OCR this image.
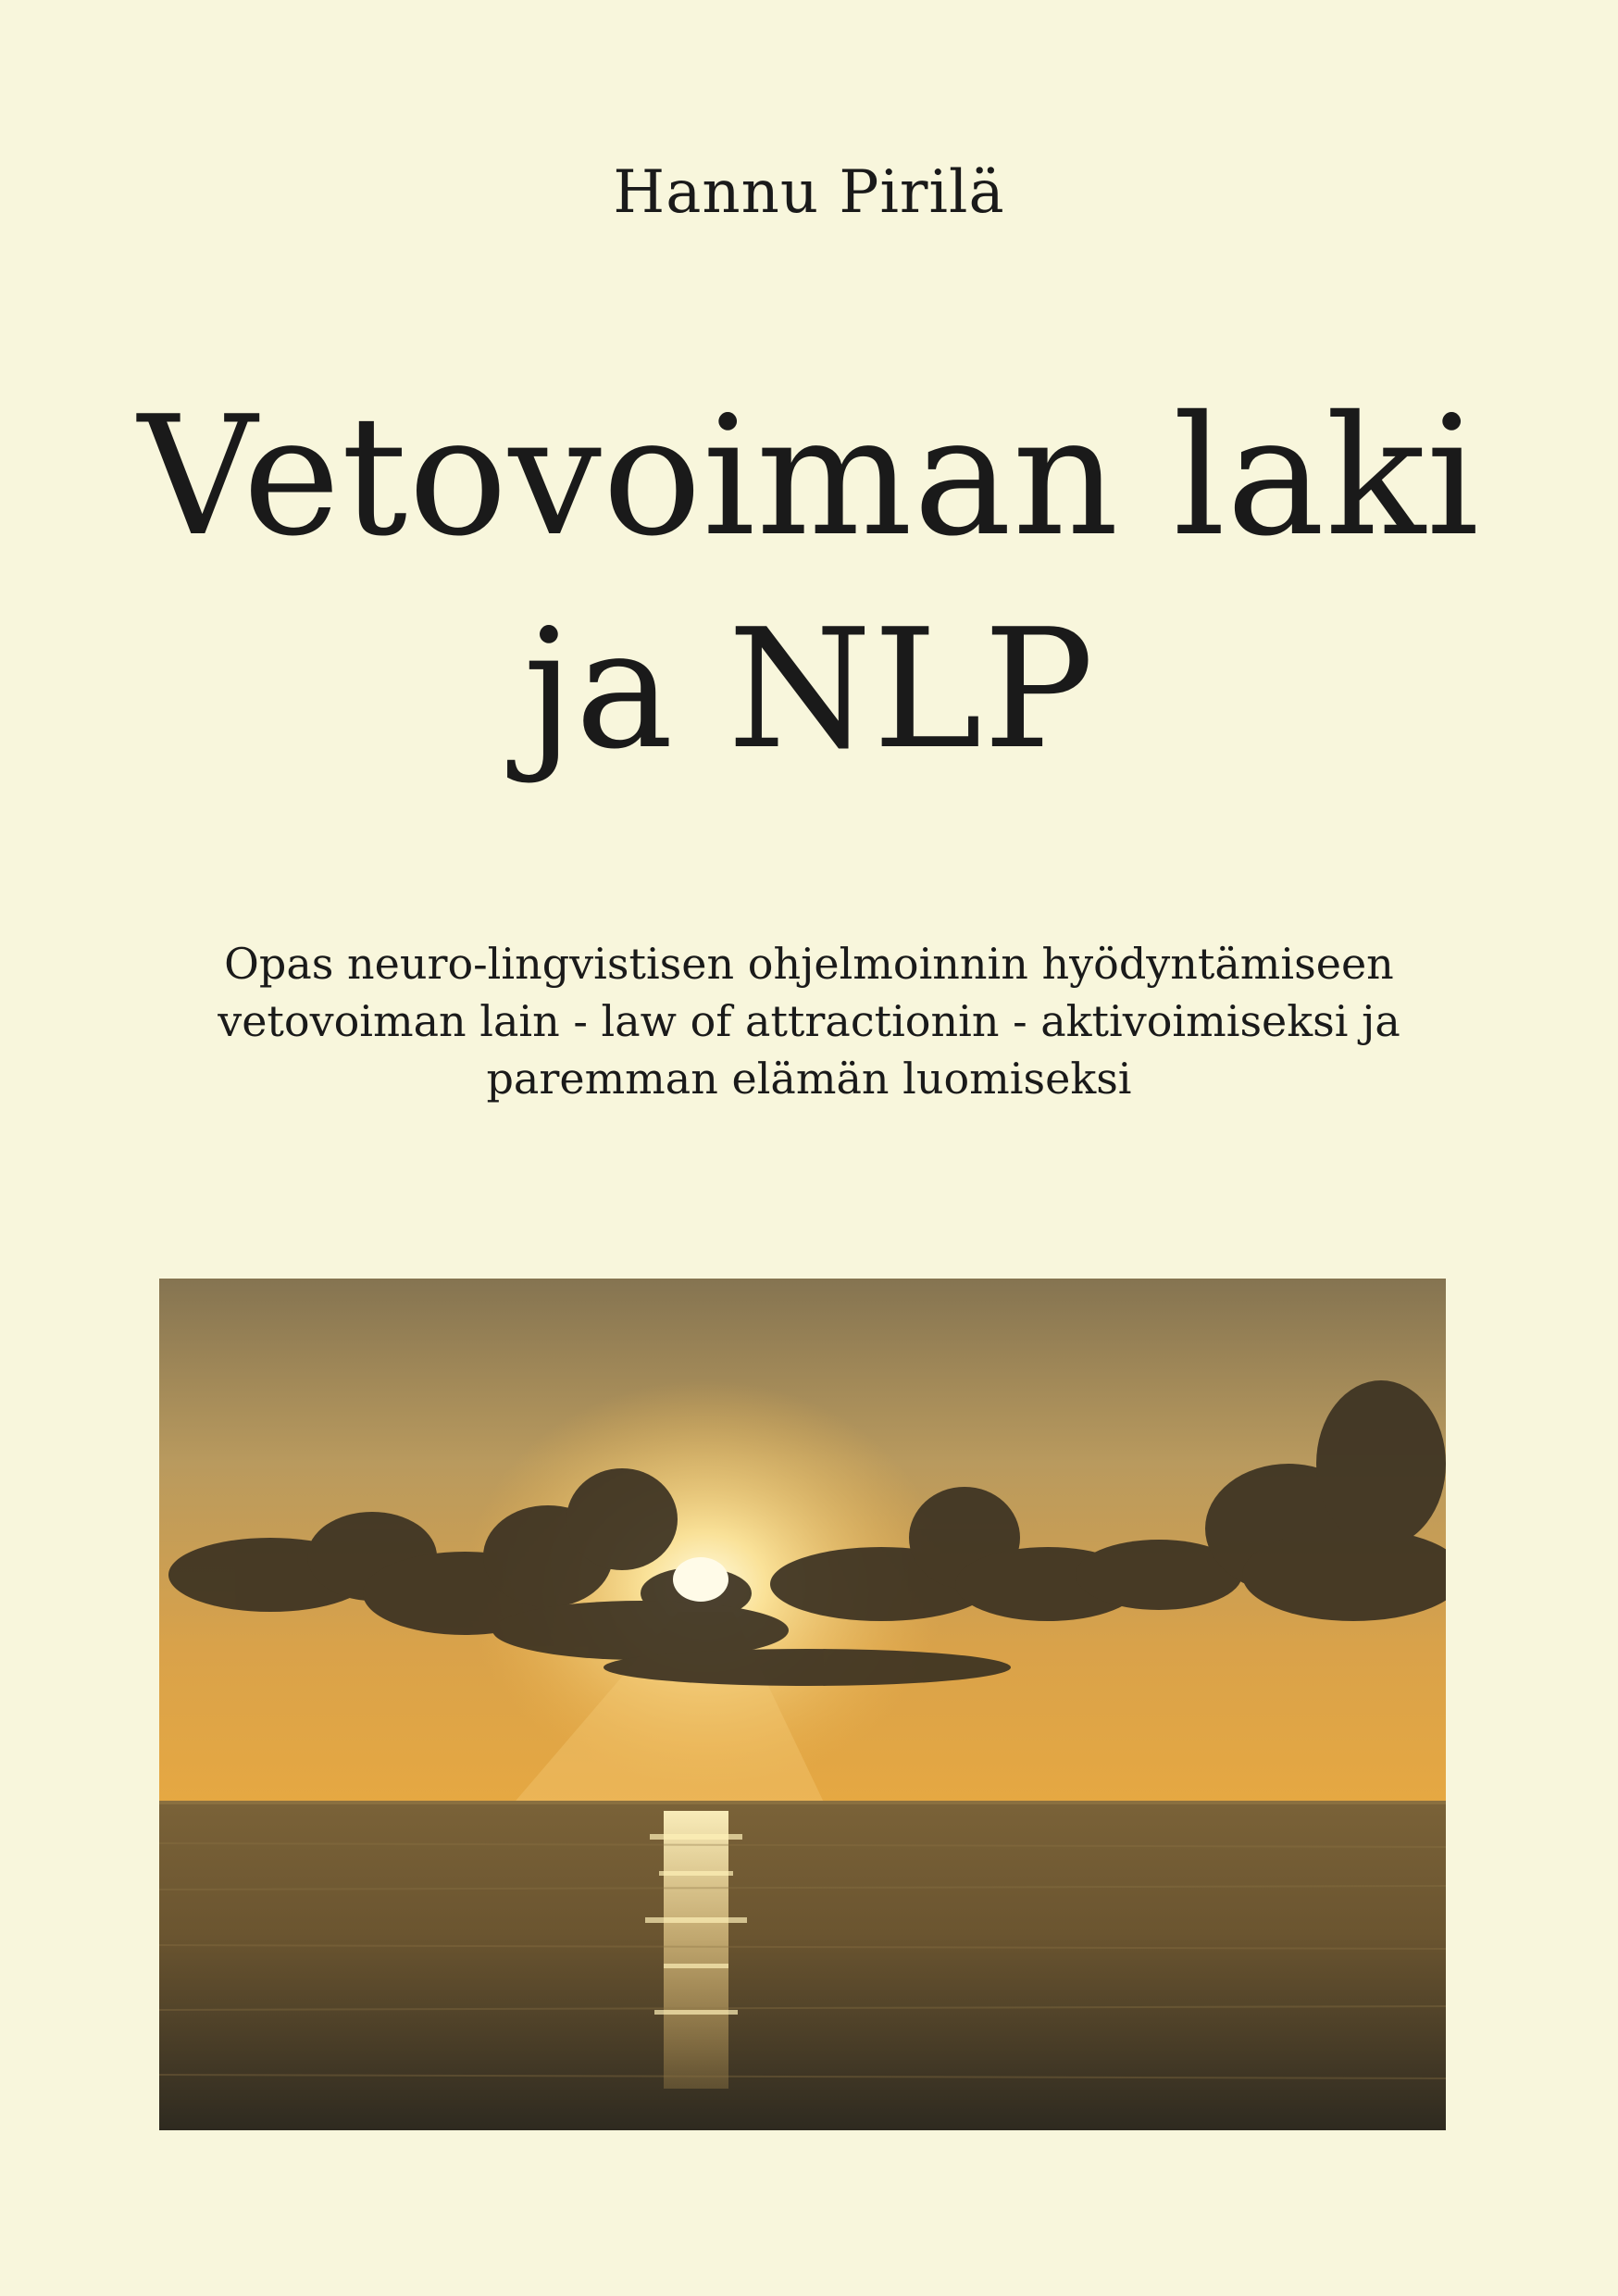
Hannu Pirilä
Vetovoiman laki
ja NLP
Opas neuro-lingvistisen ohjelmoinnin hyödyntämiseen
vetovoiman lain - law of attractionin - aktivoimiseksi ja
paremman elämän luomiseksi
